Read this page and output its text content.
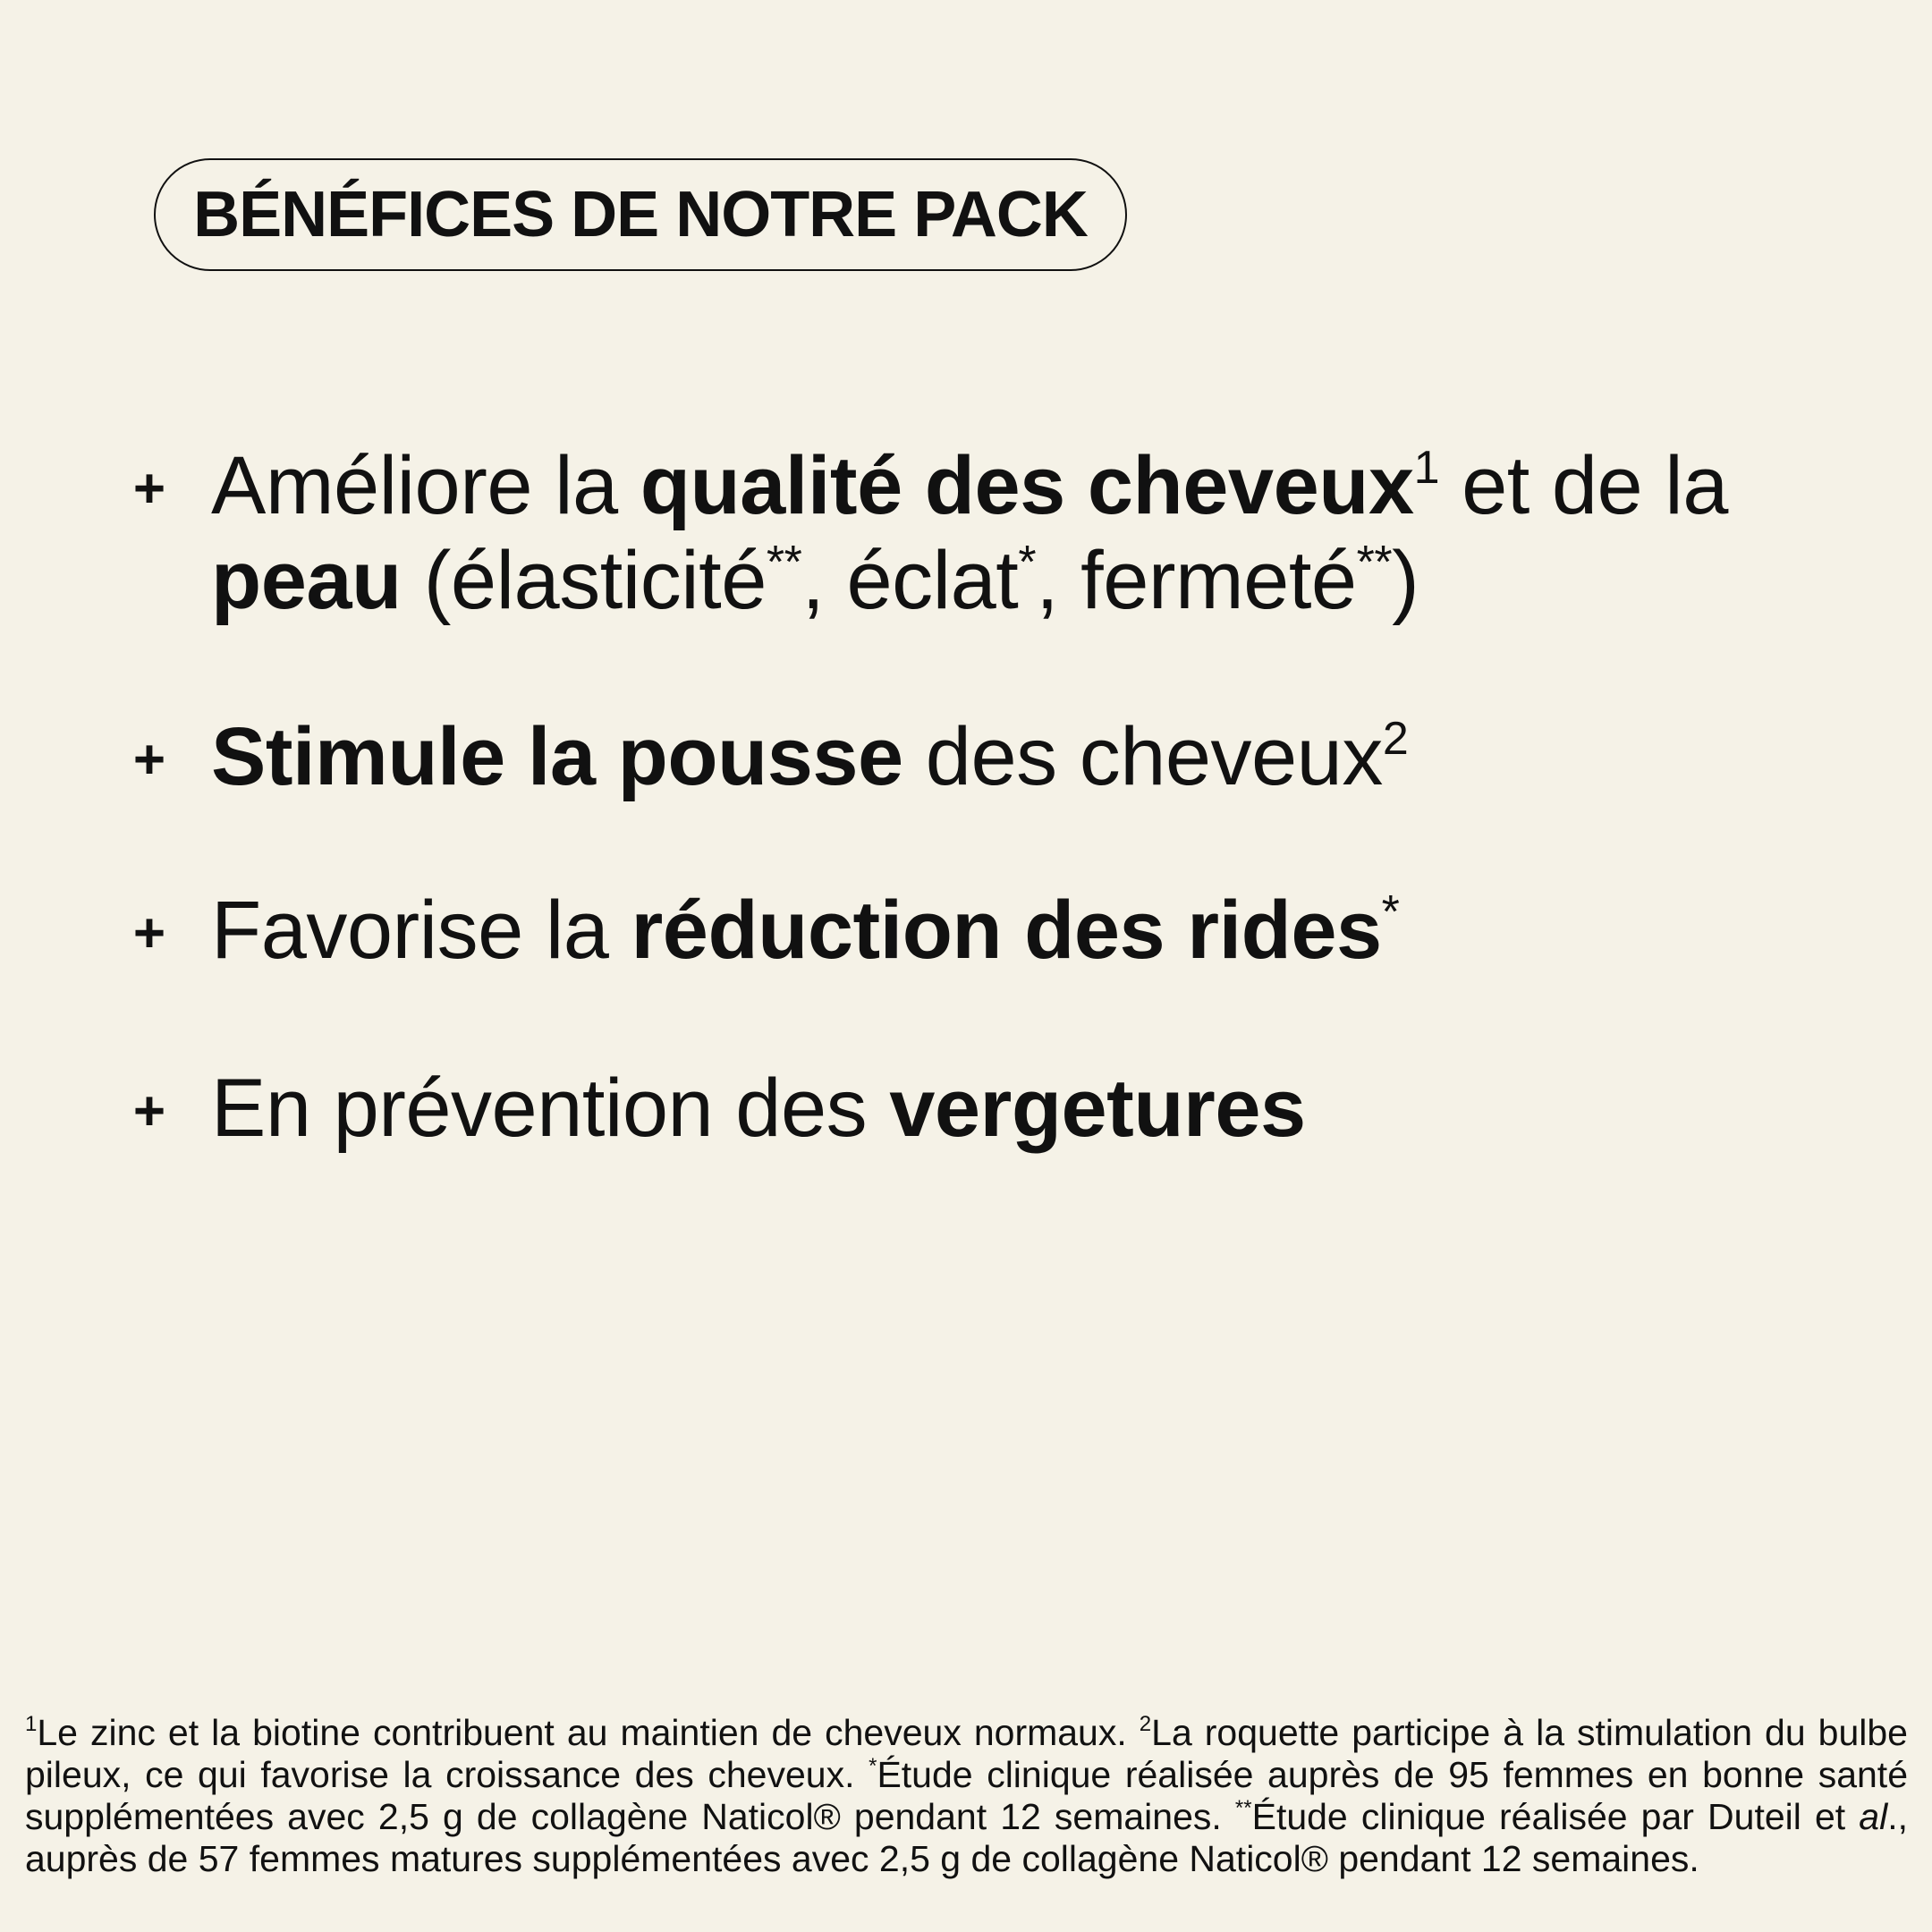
BÉNÉFICES DE NOTRE PACK
+ Améliore la qualité des cheveux$^1$ et de la
peau (élasticité**, éclat*, fermeté**)
+ Stimule la pousse des cheveux$^2$
+ Favorise la réduction des rides*
+ En prévention des vergetures
$^1$Le zinc et la biotine contribuent au maintien de cheveux normaux. $^2$La roquette participe à la stimulation du bulbe pileux, ce qui favorise la croissance des cheveux. *Étude clinique réalisée auprès de 95 femmes en bonne santé supplémentées avec 2,5 g de collagène Naticol® pendant 12 semaines. **Étude clinique réalisée par Duteil et al., auprès de 57 femmes matures supplémentées avec 2,5 g de collagène Naticol® pendant 12 semaines.
